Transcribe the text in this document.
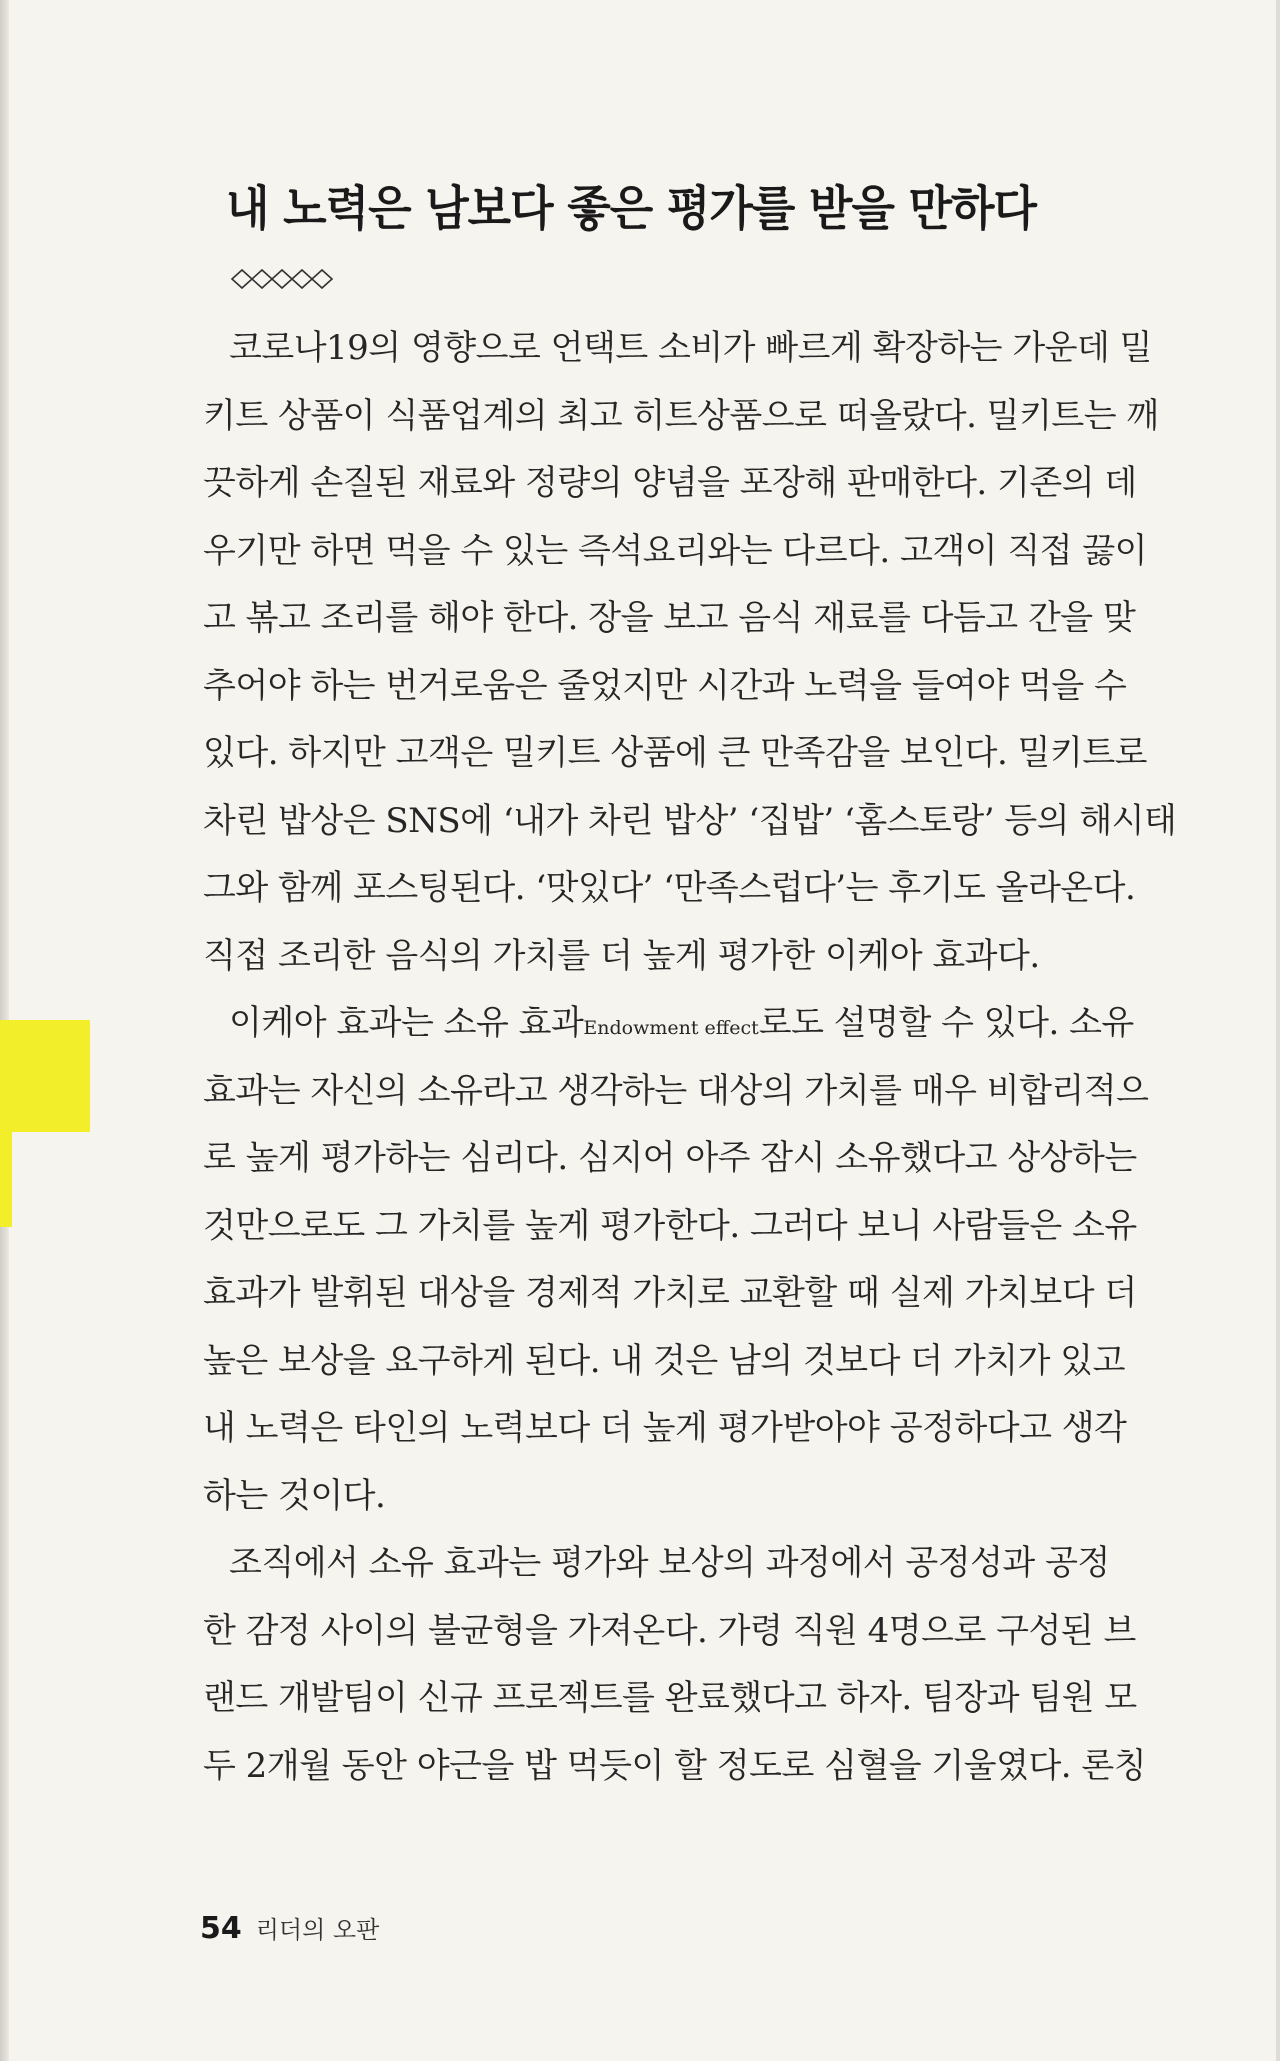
내 노력은 남보다 좋은 평가를 받을 만하다

코로나19의 영향으로 언택트 소비가 빠르게 확장하는 가운데 밀
키트 상품이 식품업계의 최고 히트상품으로 떠올랐다. 밀키트는 깨
끗하게 손질된 재료와 정량의 양념을 포장해 판매한다. 기존의 데
우기만 하면 먹을 수 있는 즉석요리와는 다르다. 고객이 직접 끓이
고 볶고 조리를 해야 한다. 장을 보고 음식 재료를 다듬고 간을 맞
추어야 하는 번거로움은 줄었지만 시간과 노력을 들여야 먹을 수
있다. 하지만 고객은 밀키트 상품에 큰 만족감을 보인다. 밀키트로
차린 밥상은 SNS에 ‘내가 차린 밥상’ ‘집밥’ ‘홈스토랑’ 등의 해시태
그와 함께 포스팅된다. ‘맛있다’ ‘만족스럽다’는 후기도 올라온다.
직접 조리한 음식의 가치를 더 높게 평가한 이케아 효과다.

이케아 효과는 소유 효과Endowment effect로도 설명할 수 있다. 소유
효과는 자신의 소유라고 생각하는 대상의 가치를 매우 비합리적으
로 높게 평가하는 심리다. 심지어 아주 잠시 소유했다고 상상하는
것만으로도 그 가치를 높게 평가한다. 그러다 보니 사람들은 소유
효과가 발휘된 대상을 경제적 가치로 교환할 때 실제 가치보다 더
높은 보상을 요구하게 된다. 내 것은 남의 것보다 더 가치가 있고
내 노력은 타인의 노력보다 더 높게 평가받아야 공정하다고 생각
하는 것이다.

조직에서 소유 효과는 평가와 보상의 과정에서 공정성과 공정
한 감정 사이의 불균형을 가져온다. 가령 직원 4명으로 구성된 브
랜드 개발팀이 신규 프로젝트를 완료했다고 하자. 팀장과 팀원 모
두 2개월 동안 야근을 밥 먹듯이 할 정도로 심혈을 기울였다. 론칭

54 리더의 오판
